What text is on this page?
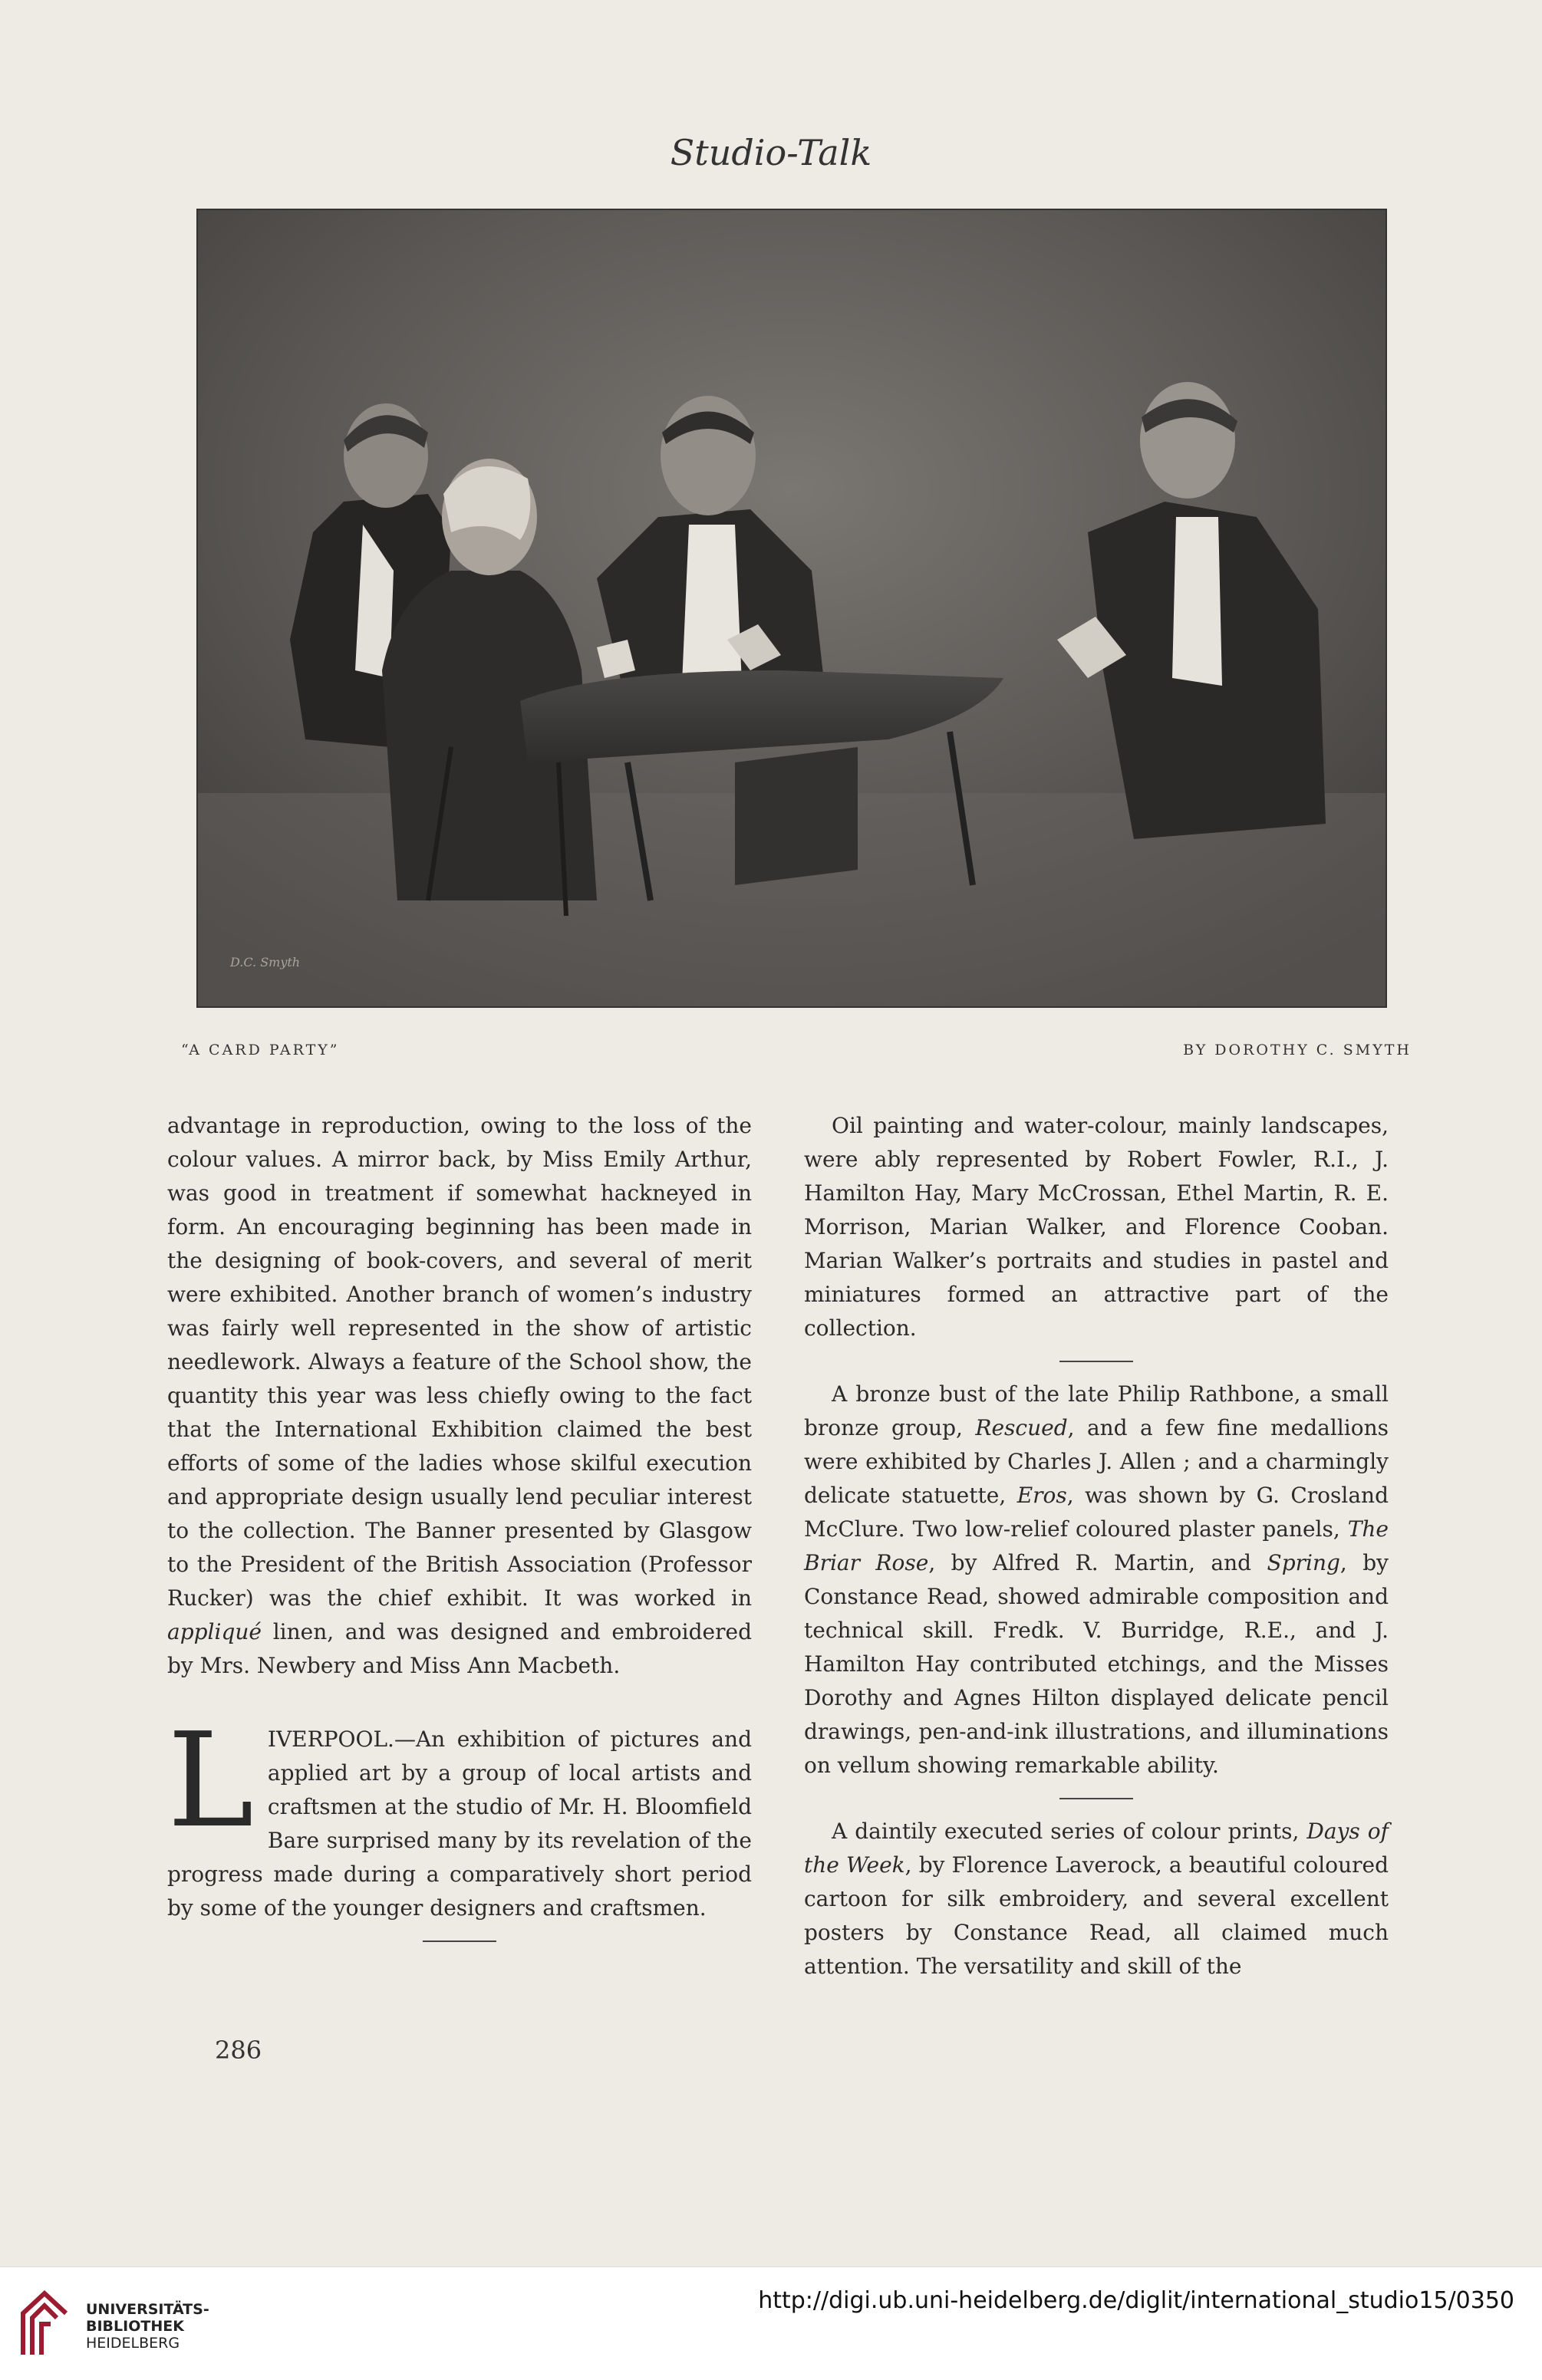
Studio-Talk
D.C. Smyth
“A CARD PARTY”	BY DOROTHY C. SMYTH

advantage in reproduction, owing to the loss of the colour values. A mirror back, by Miss Emily Arthur, was good in treatment if somewhat hackneyed in form. An encouraging beginning has been made in the designing of book-covers, and several of merit were exhibited. Another branch of women’s industry was fairly well represented in the show of artistic needlework. Always a feature of the School show, the quantity this year was less chiefly owing to the fact that the International Exhibition claimed the best efforts of some of the ladies whose skilful execution and appropriate design usually lend peculiar interest to the collection. The Banner presented by Glasgow to the President of the British Association (Professor Rucker) was the chief exhibit. It was worked in appliqué linen, and was designed and embroidered by Mrs. Newbery and Miss Ann Macbeth.

LIVERPOOL.—An exhibition of pictures and applied art by a group of local artists and craftsmen at the studio of Mr. H. Bloomfield Bare surprised many by its revelation of the progress made during a comparatively short period by some of the younger designers and craftsmen.

Oil painting and water-colour, mainly landscapes, were ably represented by Robert Fowler, R.I., J. Hamilton Hay, Mary McCrossan, Ethel Martin, R. E. Morrison, Marian Walker, and Florence Cooban. Marian Walker’s portraits and studies in pastel and miniatures formed an attractive part of the collection.

A bronze bust of the late Philip Rathbone, a small bronze group, Rescued, and a few fine medallions were exhibited by Charles J. Allen ; and a charmingly delicate statuette, Eros, was shown by G. Crosland McClure. Two low-relief coloured plaster panels, The Briar Rose, by Alfred R. Martin, and Spring, by Constance Read, showed admirable composition and technical skill. Fredk. V. Burridge, R.E., and J. Hamilton Hay contributed etchings, and the Misses Dorothy and Agnes Hilton displayed delicate pencil drawings, pen-and-ink illustrations, and illuminations on vellum showing remarkable ability.

A daintily executed series of colour prints, Days of the Week, by Florence Laverock, a beautiful coloured cartoon for silk embroidery, and several excellent posters by Constance Read, all claimed much attention. The versatility and skill of the

286
UNIVERSITÄTS-
BIBLIOTHEK
HEIDELBERG
http://digi.ub.uni-heidelberg.de/diglit/international_studio15/0350
